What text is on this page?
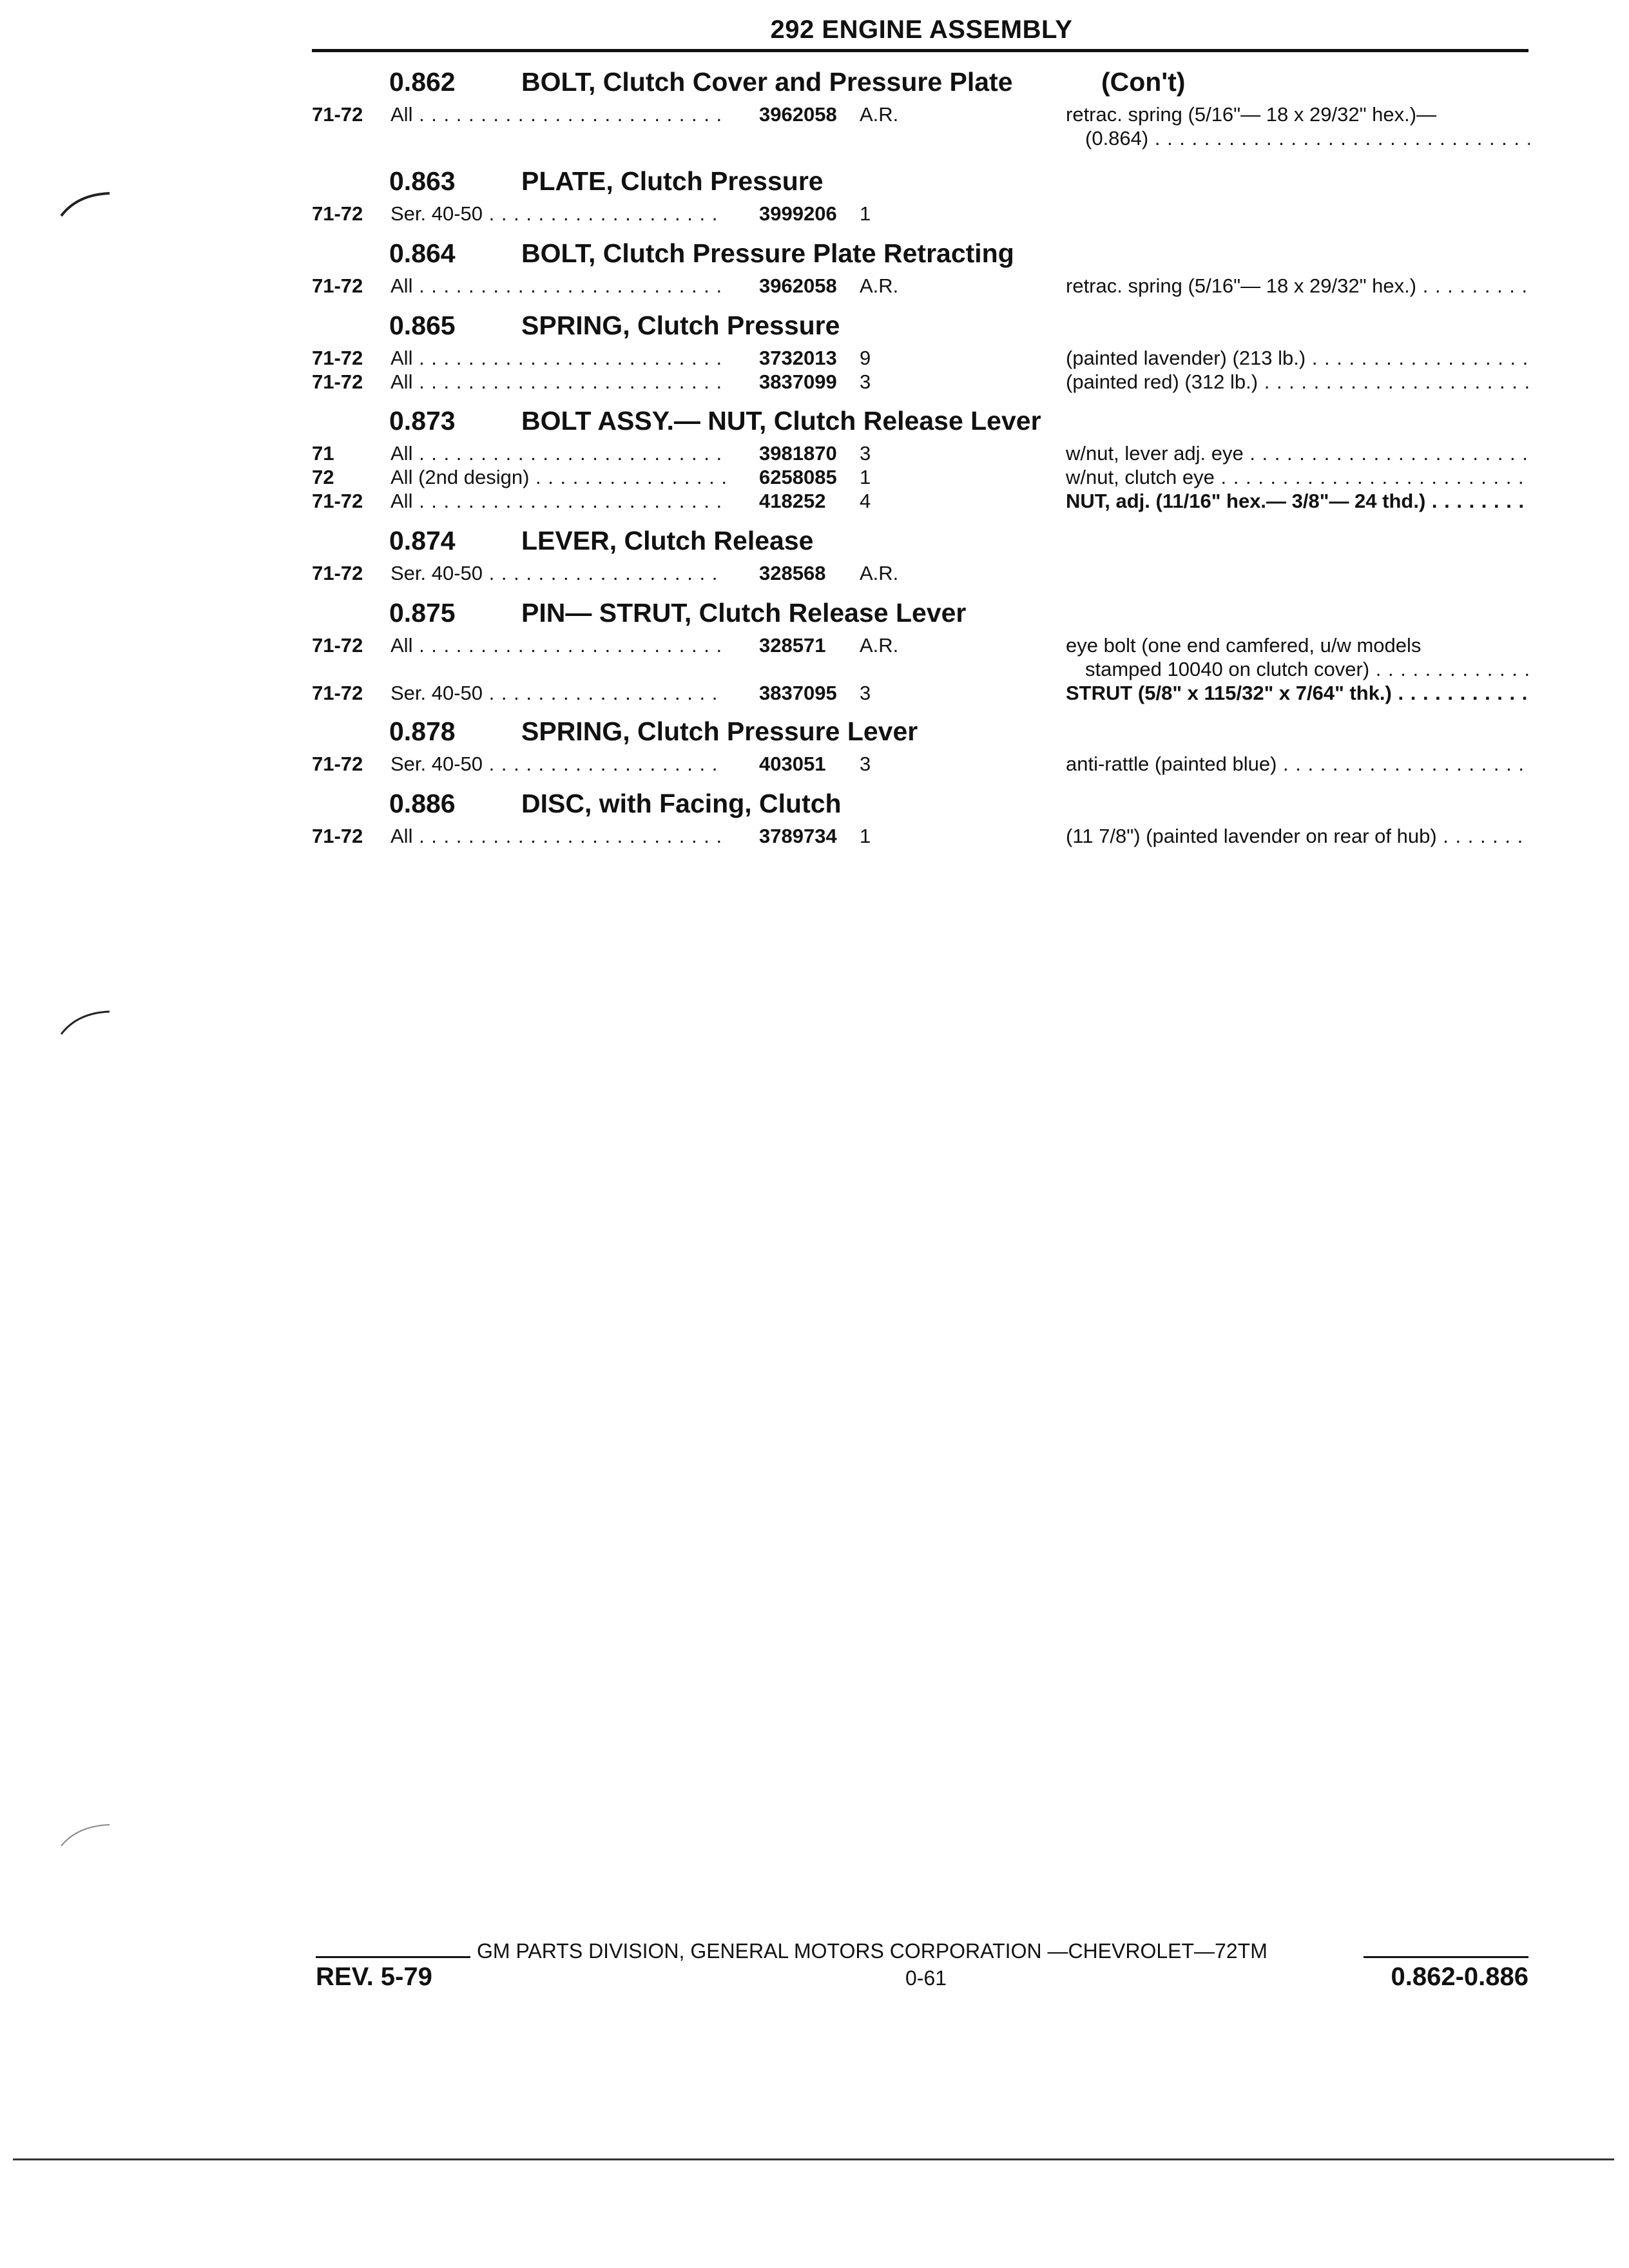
292 ENGINE ASSEMBLY
0.862 BOLT, Clutch Cover and Pressure Plate	(Con't)
71-72 All . . .	3962058 A.R.	retrac. spring (5/16"— 18 x 29/32" hex.)—
(0.864) . . .
0.863 PLATE, Clutch Pressure
71-72 Ser. 40-50 . . .	3999206 1
0.864 BOLT, Clutch Pressure Plate Retracting
71-72 All . . .	3962058 A.R.	retrac. spring (5/16"— 18 x 29/32" hex.) . . .
0.865 SPRING, Clutch Pressure
71-72 All . . .	3732013 9	(painted lavender) (213 lb.) . . .
71-72 All . . .	3837099 3	(painted red) (312 lb.) . . .
0.873 BOLT ASSY.— NUT, Clutch Release Lever
71	All . . .	3981870 3	w/nut, lever adj. eye . . .
72	All (2nd design) . . .	6258085 1	w/nut, clutch eye . . .
71-72 All . . .	418252 4	NUT, adj. (11/16" hex.— 3/8"— 24 thd.) . . .
0.874 LEVER, Clutch Release
71-72 Ser. 40-50 . . .	328568 A.R.
0.875 PIN— STRUT, Clutch Release Lever
71-72 All . . .	328571 A.R.	eye bolt (one end camfered, u/w models
stamped 10040 on clutch cover) . . .
71-72 Ser. 40-50 . . .	3837095 3	STRUT (5/8" x 115/32" x 7/64" thk.) . . .
0.878 SPRING, Clutch Pressure Lever
71-72 Ser. 40-50 . . .	403051 3	anti-rattle (painted blue) . . .
0.886 DISC, with Facing, Clutch
71-72 All . . .	3789734 1	(11 7/8") (painted lavender on rear of hub) . . .
GM PARTS DIVISION, GENERAL MOTORS CORPORATION —CHEVROLET—72TM
REV. 5-79	0-61	0.862-0.886
